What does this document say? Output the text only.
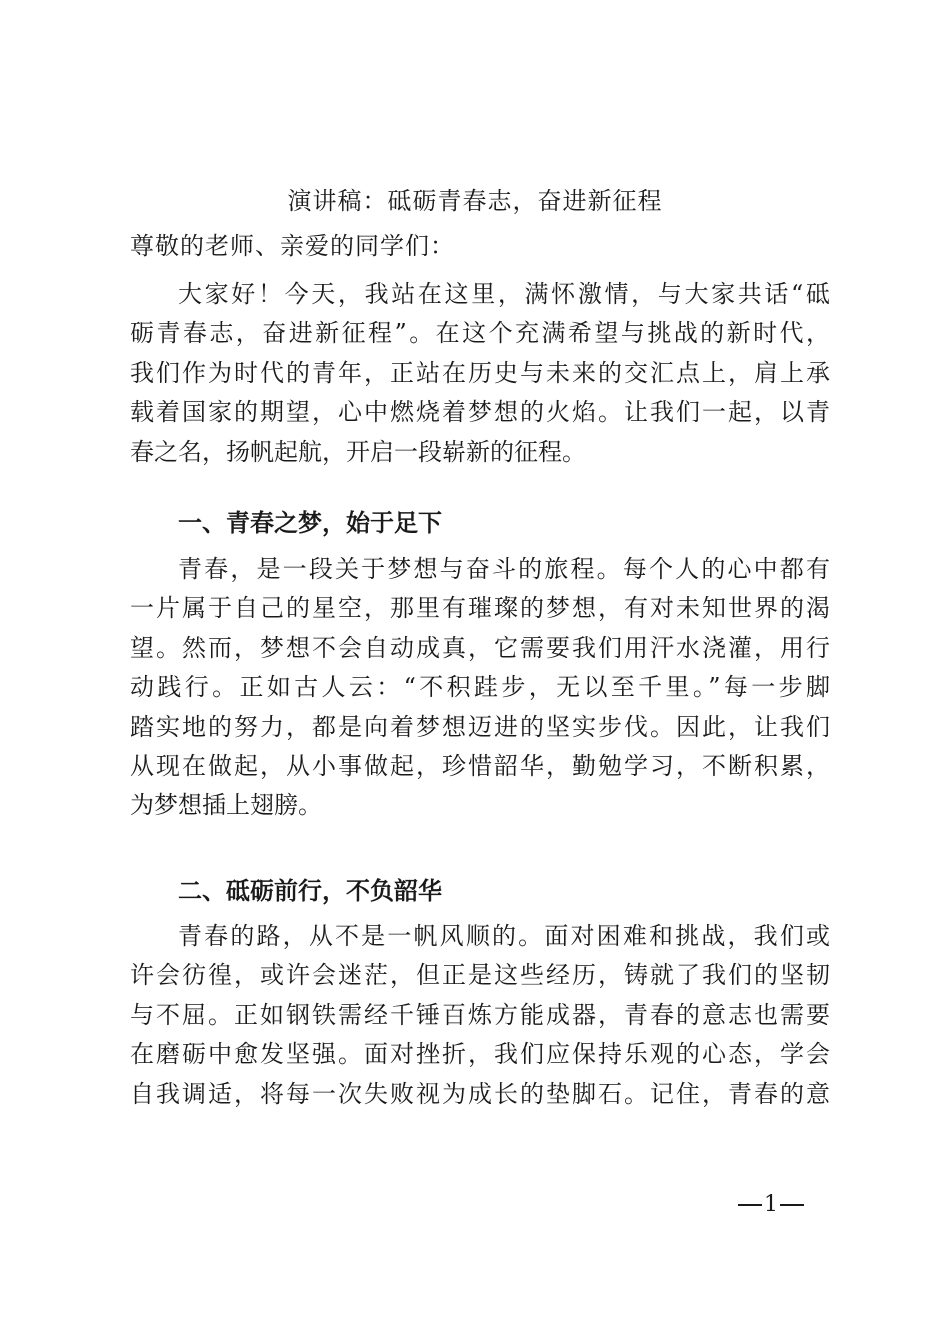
演讲稿：砥砺青春志，奋进新征程
尊敬的老师、亲爱的同学们：
大家好！今天，我站在这里，满怀激情，与大家共话“砥
砺青春志，奋进新征程”。在这个充满希望与挑战的新时代，
我们作为时代的青年，正站在历史与未来的交汇点上，肩上承
载着国家的期望，心中燃烧着梦想的火焰。让我们一起，以青
春之名，扬帆起航，开启一段崭新的征程。
一、青春之梦，始于足下
青春，是一段关于梦想与奋斗的旅程。每个人的心中都有
一片属于自己的星空，那里有璀璨的梦想，有对未知世界的渴
望。然而，梦想不会自动成真，它需要我们用汗水浇灌，用行
动践行。正如古人云：“不积跬步，无以至千里。”每一步脚
踏实地的努力，都是向着梦想迈进的坚实步伐。因此，让我们
从现在做起，从小事做起，珍惜韶华，勤勉学习，不断积累，
为梦想插上翅膀。
二、砥砺前行，不负韶华
青春的路，从不是一帆风顺的。面对困难和挑战，我们或
许会彷徨，或许会迷茫，但正是这些经历，铸就了我们的坚韧
与不屈。正如钢铁需经千锤百炼方能成器，青春的意志也需要
在磨砺中愈发坚强。面对挫折，我们应保持乐观的心态，学会
自我调适，将每一次失败视为成长的垫脚石。记住，青春的意
1
